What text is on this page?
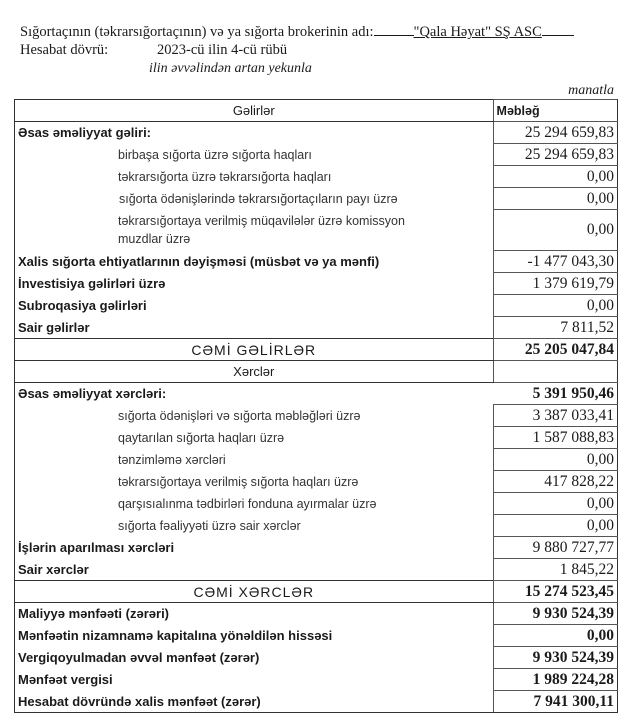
Sığortaçının (təkrarsığortaçının) və ya sığorta brokerinin adı:	"Qala Həyat" SŞ ASC
Hesabat dövrü:	2023-cü ilin 4-cü rübü
ilin əvvəlindən artan yekunla
manatla
Gəlirlər	Məbləğ
Əsas əməliyyat gəliri:	25 294 659,83
birbaşa sığorta üzrə sığorta haqları	25 294 659,83
təkrarsığorta üzrə təkrarsığorta haqları	0,00
sığorta ödənişlərində təkrarsığortaçıların payı üzrə	0,00

təkrarsığortaya verilmiş müqavilələr üzrə komissyon muzdlar üzrə	0,00
Xalis sığorta ehtiyatlarının dəyişməsi (müsbət və ya mənfi)	-1 477 043,30
İnvestisiya gəlirləri üzrə	1 379 619,79
Subroqasiya gəlirləri	0,00
Sair gəlirlər	7 811,52
CƏMİ GƏLİRLƏR	25 205 047,84
Xərclər	
Əsas əməliyyat xərcləri:	5 391 950,46
sığorta ödənişləri və sığorta məbləğləri üzrə	3 387 033,41
qaytarılan sığorta haqları üzrə	1 587 088,83
tənzimləmə xərcləri	0,00
təkrarsığortaya verilmiş sığorta haqları üzrə	417 828,22
qarşısıalınma tədbirləri fonduna ayırmalar üzrə	0,00
sığorta fəaliyyəti üzrə sair xərclər	0,00
İşlərin aparılması xərcləri	9 880 727,77
Sair xərclər	1 845,22
CƏMİ XƏRCLƏR	15 274 523,45
Maliyyə mənfəəti (zərəri)	9 930 524,39
Mənfəətin nizamnamə kapitalına yönəldilən hissəsi	0,00
Vergiqoyulmadan əvvəl mənfəət (zərər)	9 930 524,39
Mənfəət vergisi	1 989 224,28
Hesabat dövründə xalis mənfəət (zərər)	7 941 300,11
